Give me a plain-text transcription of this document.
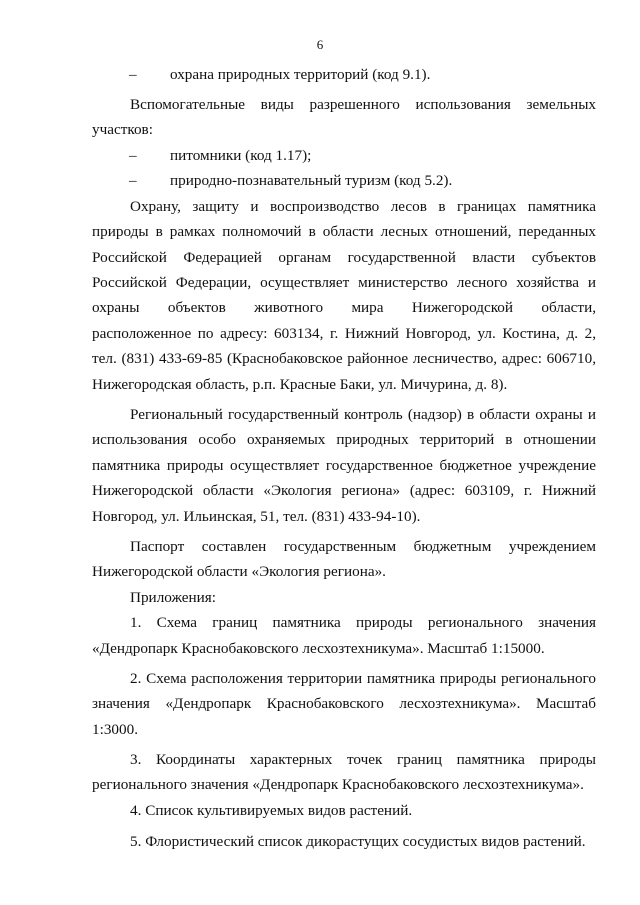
6
– охрана природных территорий (код 9.1).
Вспомогательные виды разрешенного использования земельных
участков:
– питомники (код 1.17);
– природно-познавательный туризм (код 5.2).
Охрану, защиту и воспроизводство лесов в границах памятника
природы в рамках полномочий в области лесных отношений, переданных
Российской Федерацией органам государственной власти субъектов
Российской Федерации, осуществляет министерство лесного хозяйства и
охраны объектов животного мира Нижегородской области,
расположенное по адресу: 603134, г. Нижний Новгород, ул. Костина, д. 2,
тел. (831) 433-69-85 (Краснобаковское районное лесничество, адрес: 606710,
Нижегородская область, р.п. Красные Баки, ул. Мичурина, д. 8).
Региональный государственный контроль (надзор) в области охраны и
использования особо охраняемых природных территорий в отношении
памятника природы осуществляет государственное бюджетное учреждение
Нижегородской области «Экология региона» (адрес: 603109, г. Нижний
Новгород, ул. Ильинская, 51, тел. (831) 433-94-10).
Паспорт составлен государственным бюджетным учреждением
Нижегородской области «Экология региона».
Приложения:
1. Схема границ памятника природы регионального значения
«Дендропарк Краснобаковского лесхозтехникума». Масштаб 1:15000.
2. Схема расположения территории памятника природы регионального
значения «Дендропарк Краснобаковского лесхозтехникума». Масштаб
1:3000.
3. Координаты характерных точек границ памятника природы
регионального значения «Дендропарк Краснобаковского лесхозтехникума».
4. Список культивируемых видов растений.
5. Флористический список дикорастущих сосудистых видов растений.
